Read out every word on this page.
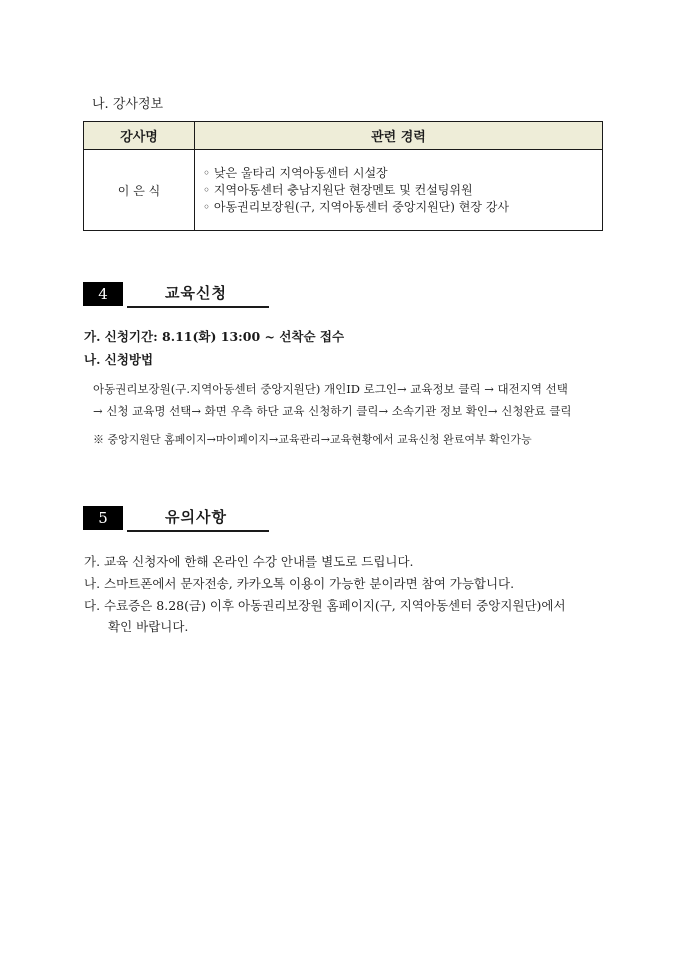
나. 강사정보
강사명	관련 경력
이 은 식	◦ 낮은 울타리 지역아동센터 시설장
◦ 지역아동센터 충남지원단 현장멘토 및 컨설팅위원
◦ 아동권리보장원(구, 지역아동센터 중앙지원단) 현장 강사
4	교육신청
가. 신청기간: 8.11(화) 13:00 ~ 선착순 접수
나. 신청방법
아동권리보장원(구.지역아동센터 중앙지원단) 개인ID 로그인→ 교육정보 클릭 → 대전지역 선택
→ 신청 교육명 선택→ 화면 우측 하단 교육 신청하기 클릭→ 소속기관 정보 확인→ 신청완료 클릭
※ 중앙지원단 홈페이지→마이페이지→교육관리→교육현황에서 교육신청 완료여부 확인가능
5	유의사항
가. 교육 신청자에 한해 온라인 수강 안내를 별도로 드립니다.
나. 스마트폰에서 문자전송, 카카오톡 이용이 가능한 분이라면 참여 가능합니다.
다. 수료증은 8.28(금) 이후 아동권리보장원 홈페이지(구, 지역아동센터 중앙지원단)에서
확인 바랍니다.
